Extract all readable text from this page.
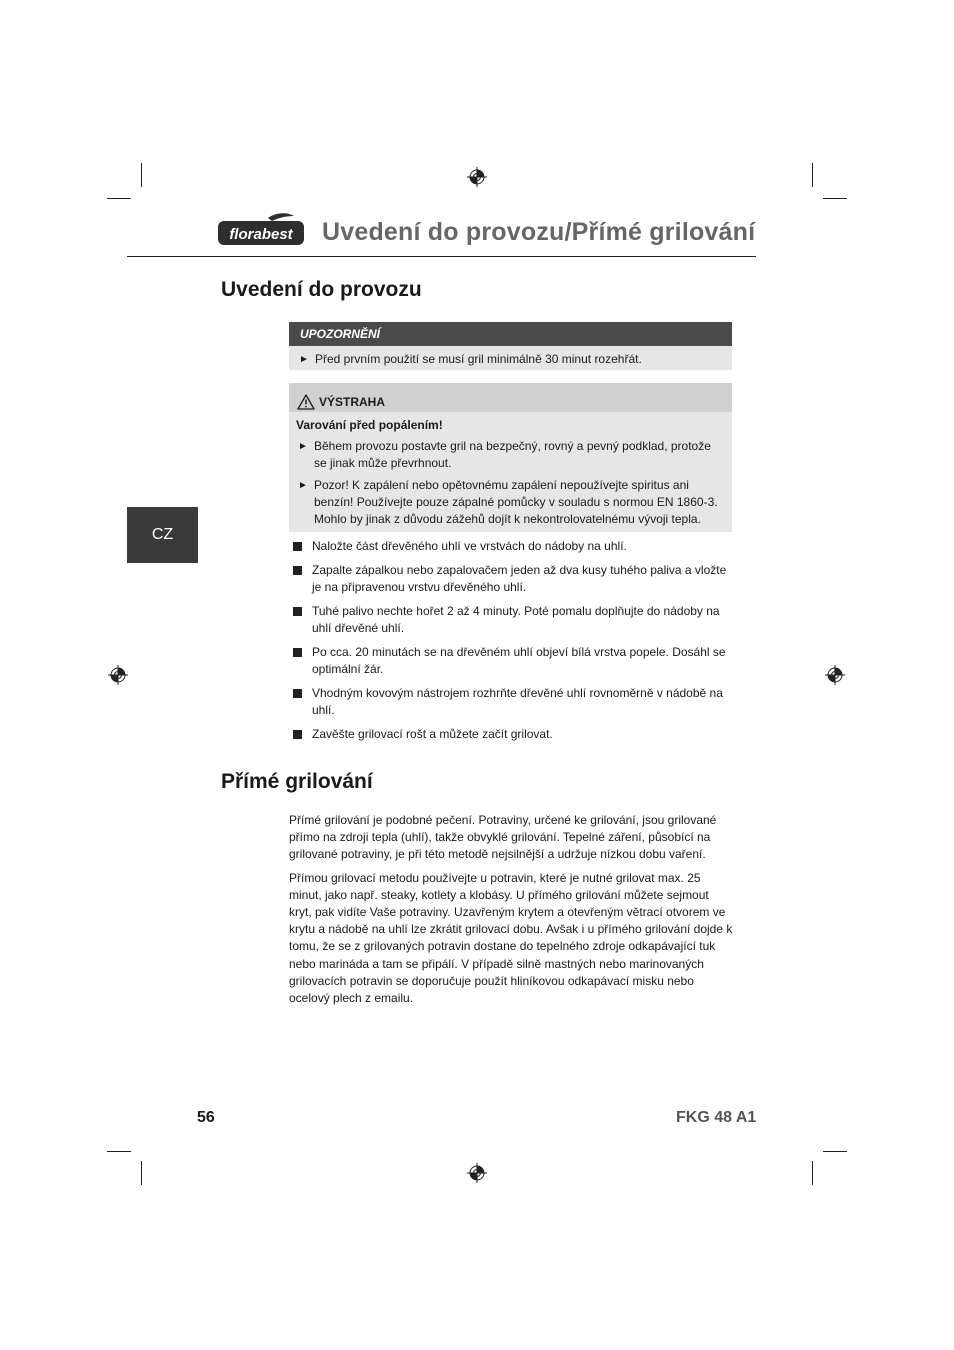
florabest Uvedení do provozu/Přímé grilování
CZ
Uvedení do provozu
UPOZORNĚNÍ
► Před prvním použití se musí gril minimálně 30 minut rozehřát.
VÝSTRAHA
Varování před popálením!
► Během provozu postavte gril na bezpečný, rovný a pevný podklad, protože se jinak může převrhnout.
► Pozor! K zapálení nebo opětovnému zapálení nepoužívejte spiritus ani benzín! Používejte pouze zápalné pomůcky v souladu s normou EN 1860-3. Mohlo by jinak z důvodu zážehů dojít k nekontrolovatelnému vývoji tepla.
Naložte část dřevěného uhlí ve vrstvách do nádoby na uhlí.
Zapalte zápalkou nebo zapalovačem jeden až dva kusy tuhého paliva a vložte je na připravenou vrstvu dřevěného uhlí.
Tuhé palivo nechte hořet 2 až 4 minuty. Poté pomalu doplňujte do nádoby na uhlí dřevěné uhlí.
Po cca. 20 minutách se na dřevěném uhlí objeví bílá vrstva popele. Dosáhl se optimální žár.
Vhodným kovovým nástrojem rozhrňte dřevěné uhlí rovnoměrně v nádobě na uhlí.
Zavěšte grilovací rošt a můžete začít grilovat.
Přímé grilování

Přímé grilování je podobné pečení. Potraviny, určené ke grilování, jsou grilované přímo na zdroji tepla (uhlí), takže obvyklé grilování. Tepelné záření, působící na grilované potraviny, je při této metodě nejsilnější a udržuje nízkou dobu vaření.

Přímou grilovací metodu používejte u potravin, které je nutné grilovat max. 25 minut, jako např. steaky, kotlety a klobásy. U přímého grilování můžete sejmout kryt, pak vidíte Vaše potraviny. Uzavřeným krytem a otevřeným větrací otvorem ve krytu a nádobě na uhlí lze zkrátit grilovací dobu. Avšak i u přímého grilování dojde k tomu, že se z grilovaných potravin dostane do tepelného zdroje odkapávající tuk nebo marináda a tam se připálí. V případě silně mastných nebo marinovaných grilovacích potravin se doporučuje použít hliníkovou odkapávací misku nebo ocelový plech z emailu.

56	FKG 48 A1
